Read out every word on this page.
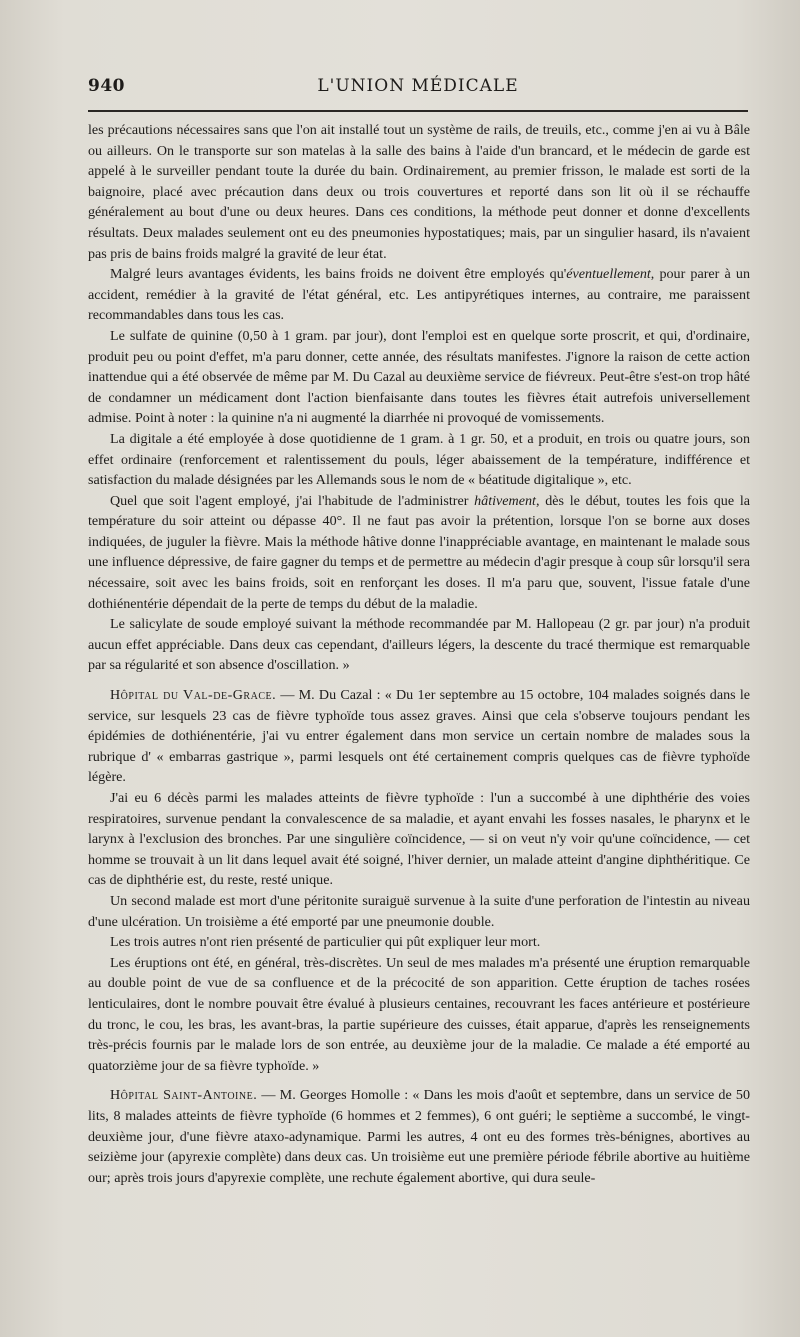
940	L'UNION MÉDICALE

les précautions nécessaires sans que l'on ait installé tout un système de rails, de treuils, etc., comme j'en ai vu à Bâle ou ailleurs. On le transporte sur son matelas à la salle des bains à l'aide d'un brancard, et le médecin de garde est appelé à le surveiller pendant toute la durée du bain. Ordinairement, au premier frisson, le malade est sorti de la baignoire, placé avec précaution dans deux ou trois couvertures et reporté dans son lit où il se réchauffe généralement au bout d'une ou deux heures. Dans ces conditions, la méthode peut donner et donne d'excellents résultats. Deux malades seulement ont eu des pneumonies hypostatiques; mais, par un singulier hasard, ils n'avaient pas pris de bains froids malgré la gravité de leur état.

Malgré leurs avantages évidents, les bains froids ne doivent être employés qu'éventuellement, pour parer à un accident, remédier à la gravité de l'état général, etc. Les antipyrétiques internes, au contraire, me paraissent recommandables dans tous les cas.

Le sulfate de quinine (0,50 à 1 gram. par jour), dont l'emploi est en quelque sorte proscrit, et qui, d'ordinaire, produit peu ou point d'effet, m'a paru donner, cette année, des résultats manifestes. J'ignore la raison de cette action inattendue qui a été observée de même par M. Du Cazal au deuxième service de fiévreux. Peut-être s'est-on trop hâté de condamner un médicament dont l'action bienfaisante dans toutes les fièvres était autrefois universellement admise. Point à noter : la quinine n'a ni augmenté la diarrhée ni provoqué de vomissements.

La digitale a été employée à dose quotidienne de 1 gram. à 1 gr. 50, et a produit, en trois ou quatre jours, son effet ordinaire (renforcement et ralentissement du pouls, léger abaissement de la température, indifférence et satisfaction du malade désignées par les Allemands sous le nom de « béatitude digitalique », etc.

Quel que soit l'agent employé, j'ai l'habitude de l'administrer hâtivement, dès le début, toutes les fois que la température du soir atteint ou dépasse 40°. Il ne faut pas avoir la prétention, lorsque l'on se borne aux doses indiquées, de juguler la fièvre. Mais la méthode hâtive donne l'inappréciable avantage, en maintenant le malade sous une influence dépressive, de faire gagner du temps et de permettre au médecin d'agir presque à coup sûr lorsqu'il sera nécessaire, soit avec les bains froids, soit en renforçant les doses. Il m'a paru que, souvent, l'issue fatale d'une dothiénentérie dépendait de la perte de temps du début de la maladie.

Le salicylate de soude employé suivant la méthode recommandée par M. Hallopeau (2 gr. par jour) n'a produit aucun effet appréciable. Dans deux cas cependant, d'ailleurs légers, la descente du tracé thermique est remarquable par sa régularité et son absence d'oscillation. »

Hôpital du Val-de-Grace. — M. Du Cazal : « Du 1er septembre au 15 octobre, 104 malades soignés dans le service, sur lesquels 23 cas de fièvre typhoïde tous assez graves. Ainsi que cela s'observe toujours pendant les épidémies de dothiénentérie, j'ai vu entrer également dans mon service un certain nombre de malades sous la rubrique d' « embarras gastrique », parmi lesquels ont été certainement compris quelques cas de fièvre typhoïde légère.

J'ai eu 6 décès parmi les malades atteints de fièvre typhoïde : l'un a succombé à une diphthérie des voies respiratoires, survenue pendant la convalescence de sa maladie, et ayant envahi les fosses nasales, le pharynx et le larynx à l'exclusion des bronches. Par une singulière coïncidence, — si on veut n'y voir qu'une coïncidence, — cet homme se trouvait à un lit dans lequel avait été soigné, l'hiver dernier, un malade atteint d'angine diphthéritique. Ce cas de diphthérie est, du reste, resté unique.

Un second malade est mort d'une péritonite suraiguë survenue à la suite d'une perforation de l'intestin au niveau d'une ulcération. Un troisième a été emporté par une pneumonie double.

Les trois autres n'ont rien présenté de particulier qui pût expliquer leur mort.

Les éruptions ont été, en général, très-discrètes. Un seul de mes malades m'a présenté une éruption remarquable au double point de vue de sa confluence et de la précocité de son apparition. Cette éruption de taches rosées lenticulaires, dont le nombre pouvait être évalué à plusieurs centaines, recouvrant les faces antérieure et postérieure du tronc, le cou, les bras, les avant-bras, la partie supérieure des cuisses, était apparue, d'après les renseignements très-précis fournis par le malade lors de son entrée, au deuxième jour de la maladie. Ce malade a été emporté au quatorzième jour de sa fièvre typhoïde. »

Hôpital Saint-Antoine. — M. Georges Homolle : « Dans les mois d'août et septembre, dans un service de 50 lits, 8 malades atteints de fièvre typhoïde (6 hommes et 2 femmes), 6 ont guéri; le septième a succombé, le vingt-deuxième jour, d'une fièvre ataxo-adynamique. Parmi les autres, 4 ont eu des formes très-bénignes, abortives au seizième jour (apyrexie complète) dans deux cas. Un troisième eut une première période fébrile abortive au huitième our; après trois jours d'apyrexie complète, une rechute également abortive, qui dura seule-
